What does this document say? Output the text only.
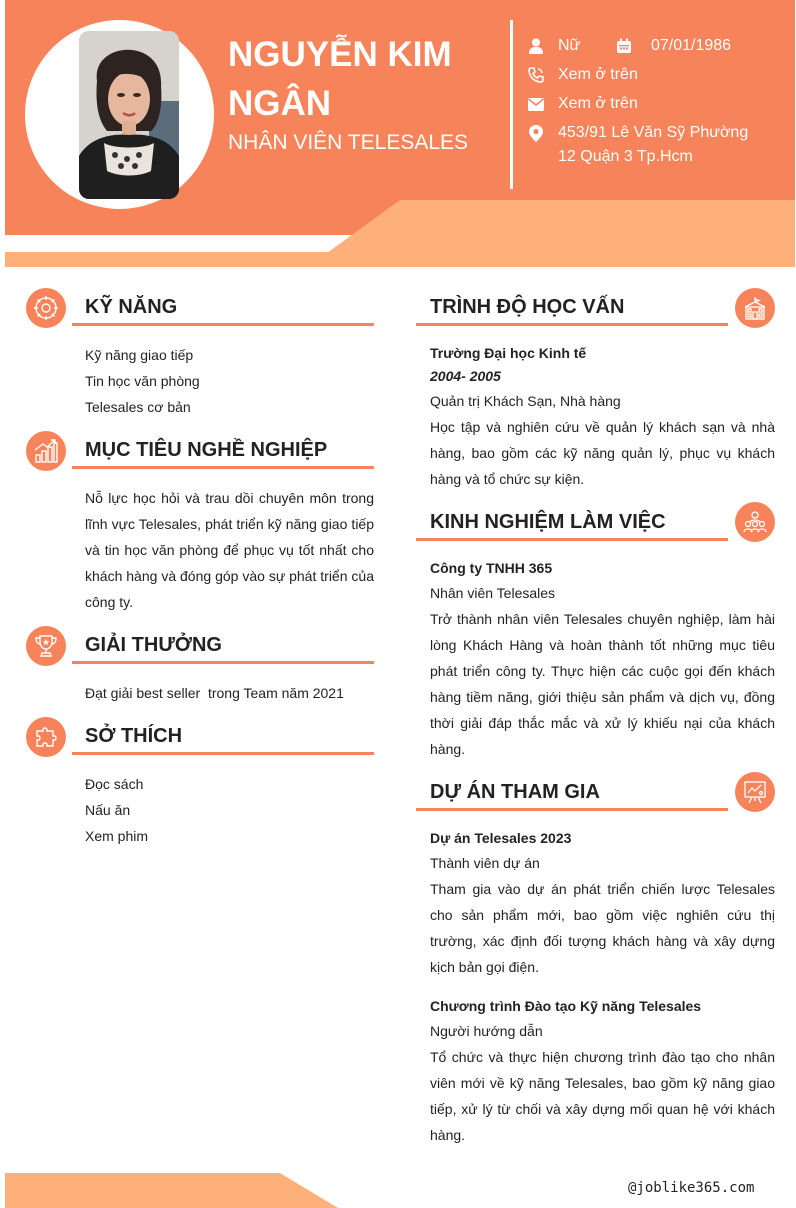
NGUYỄN KIM NGÂN
NHÂN VIÊN TELESALES
Nữ	07/01/1986
Xem ở trên
Xem ở trên
453/91 Lê Văn Sỹ Phường
12 Quận 3 Tp.Hcm
KỸ NĂNG
Kỹ năng giao tiếp
Tin học văn phòng
Telesales cơ bản
MỤC TIÊU NGHỀ NGHIỆP
Nỗ lực học hỏi và trau dồi chuyên môn trong lĩnh vực Telesales, phát triển kỹ năng giao tiếp và tin học văn phòng để phục vụ tốt nhất cho khách hàng và đóng góp vào sự phát triển của công ty.
GIẢI THƯỞNG
Đạt giải best seller  trong Team năm 2021
SỞ THÍCH
Đọc sách
Nấu ăn
Xem phim
TRÌNH ĐỘ HỌC VẤN
Trường Đại học Kinh tế
2004- 2005
Quản trị Khách Sạn, Nhà hàng
Học tập và nghiên cứu về quản lý khách sạn và nhà hàng, bao gồm các kỹ năng quản lý, phục vụ khách hàng và tổ chức sự kiện.
KINH NGHIỆM LÀM VIỆC
Công ty TNHH 365
Nhân viên Telesales
Trở thành nhân viên Telesales chuyên nghiệp, làm hài lòng Khách Hàng và hoàn thành tốt những mục tiêu phát triển công ty. Thực hiện các cuộc gọi đến khách hàng tiềm năng, giới thiệu sản phẩm và dịch vụ, đồng thời giải đáp thắc mắc và xử lý khiếu nại của khách hàng.
DỰ ÁN THAM GIA
Dự án Telesales 2023
Thành viên dự án
Tham gia vào dự án phát triển chiến lược Telesales cho sản phẩm mới, bao gồm việc nghiên cứu thị trường, xác định đối tượng khách hàng và xây dựng kịch bản gọi điện.
Chương trình Đào tạo Kỹ năng Telesales
Người hướng dẫn
Tổ chức và thực hiện chương trình đào tạo cho nhân viên mới về kỹ năng Telesales, bao gồm kỹ năng giao tiếp, xử lý từ chối và xây dựng mối quan hệ với khách hàng.
@joblike365.com
